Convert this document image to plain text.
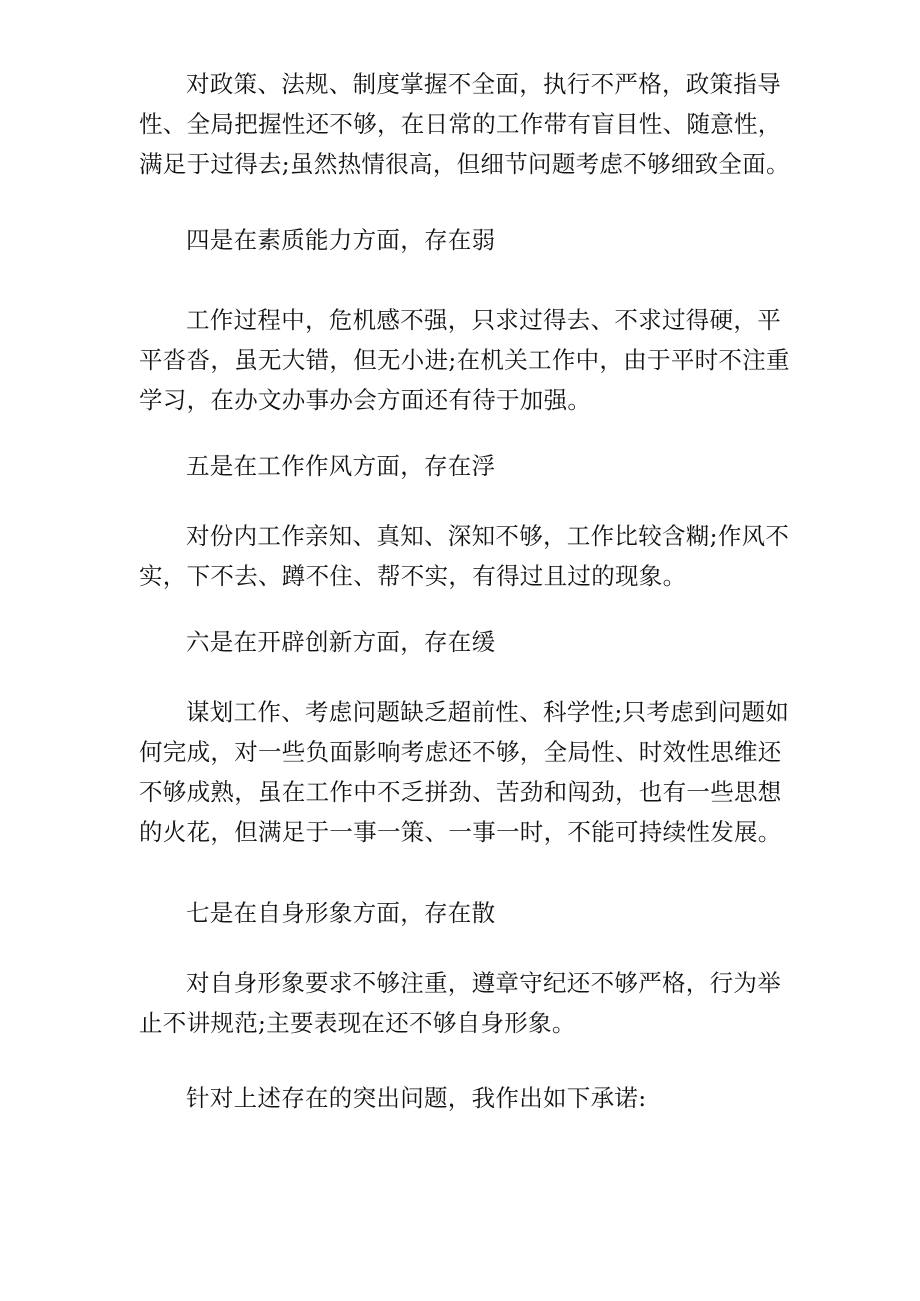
对政策、法规、制度掌握不全面，执行不严格，政策指导性、全局把握性还不够，在日常的工作带有盲目性、随意性，满足于过得去;虽然热情很高，但细节问题考虑不够细致全面。

四是在素质能力方面，存在弱

工作过程中，危机感不强，只求过得去、不求过得硬，平平沓沓，虽无大错，但无小进;在机关工作中，由于平时不注重学习，在办文办事办会方面还有待于加强。

五是在工作作风方面，存在浮

对份内工作亲知、真知、深知不够，工作比较含糊;作风不实，下不去、蹲不住、帮不实，有得过且过的现象。

六是在开辟创新方面，存在缓

谋划工作、考虑问题缺乏超前性、科学性;只考虑到问题如何完成，对一些负面影响考虑还不够，全局性、时效性思维还不够成熟，虽在工作中不乏拼劲、苦劲和闯劲，也有一些思想的火花，但满足于一事一策、一事一时，不能可持续性发展。

七是在自身形象方面，存在散

对自身形象要求不够注重，遵章守纪还不够严格，行为举止不讲规范;主要表现在还不够自身形象。

针对上述存在的突出问题，我作出如下承诺:
